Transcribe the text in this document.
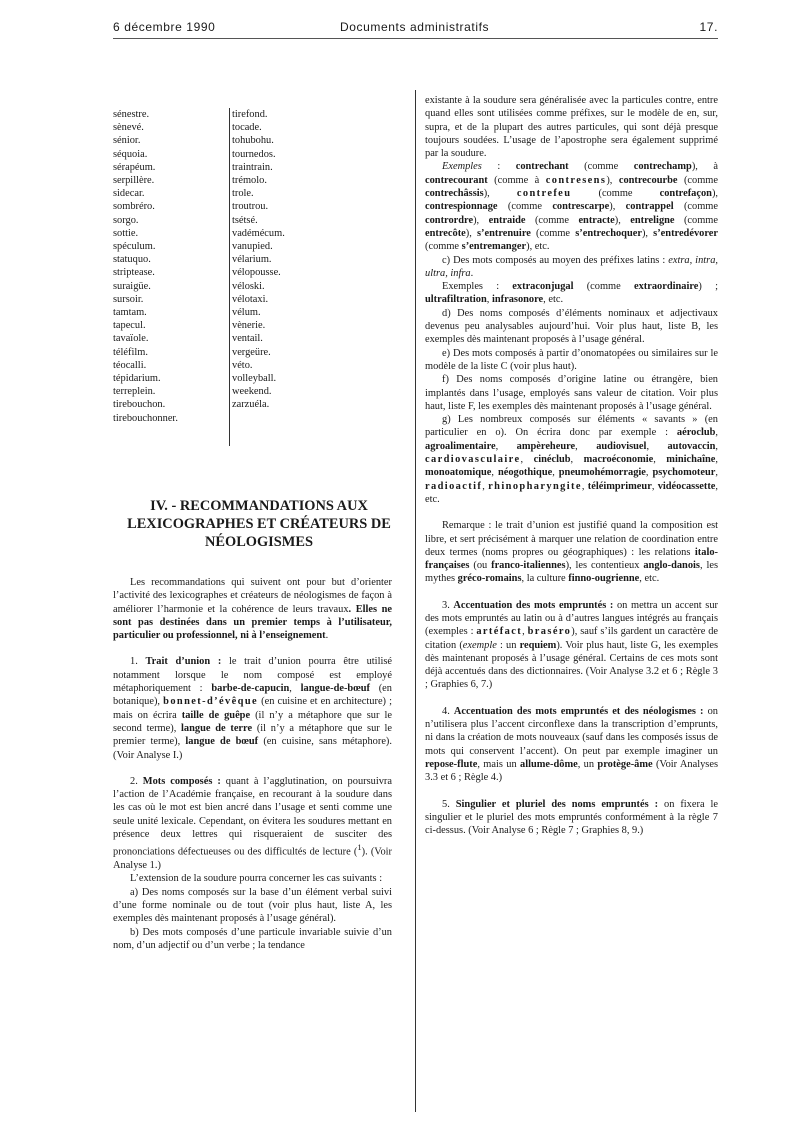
6 décembre 1990	Documents administratifs	17.
sénestre.
sènevé.
sénior.
séquoia.
sérapéum.
serpillère.
sidecar.
sombréro.
sorgo.
sottie.
spéculum.
statuquo.
striptease.
suraigüe.
sursoir.
tamtam.
tapecul.
tavaïole.
téléfilm.
téocalli.
tépidarium.
terreplein.
tirebouchon.
tirebouchonner.
tirefond.
tocade.
tohubohu.
tournedos.
traintrain.
trémolo.
trole.
troutrou.
tsétsé.
vadémécum.
vanupied.
vélarium.
vélopousse.
véloski.
vélotaxi.
vélum.
vènerie.
ventail.
vergeüre.
véto.
volleyball.
weekend.
zarzuéla.
IV. - RECOMMANDATIONS AUX
LEXICOGRAPHES ET CRÉATEURS DE
NÉOLOGISMES

Les recommandations qui suivent ont pour but d’orienter l’activité des lexicographes et créateurs de néologismes de façon à améliorer l’harmonie et la cohérence de leurs travaux. Elles ne sont pas destinées dans un premier temps à l’utilisateur, particulier ou professionnel, ni à l’enseignement.

1. Trait d’union : le trait d’union pourra être utilisé notamment lorsque le nom composé est employé métaphoriquement : barbe-de-capucin, langue-de-bœuf (en botanique), bonnet-d’évêque (en cuisine et en architecture) ; mais on écrira taille de guêpe (il n’y a métaphore que sur le second terme), langue de terre (il n’y a métaphore que sur le premier terme), langue de bœuf (en cuisine, sans métaphore). (Voir Analyse I.)

2. Mots composés : quant à l’agglutination, on poursuivra l’action de l’Académie française, en recourant à la soudure dans les cas où le mot est bien ancré dans l’usage et senti comme une seule unité lexicale. Cependant, on évitera les soudures mettant en présence deux lettres qui risqueraient de susciter des prononciations défectueuses ou des difficultés de lecture ($^1$). (Voir Analyse 1.)

L’extension de la soudure pourra concerner les cas suivants :

a) Des noms composés sur la base d’un élément verbal suivi d’une forme nominale ou de tout (voir plus haut, liste A, les exemples dès maintenant proposés à l’usage général).

b) Des mots composés d’une particule invariable suivie d’un nom, d’un adjectif ou d’un verbe ; la tendance

existante à la soudure sera généralisée avec la particules contre, entre quand elles sont utilisées comme préfixes, sur le modèle de en, sur, supra, et de la plupart des autres particules, qui sont déjà presque toujours soudées. L’usage de l’apostrophe sera également supprimé par la soudure.

Exemples : contrechant (comme contrechamp), à contrecourant (comme à contresens), contrecourbe (comme contrechâssis), contrefeu (comme contrefaçon), contrespionnage (comme contrescarpe), contrappel (comme contrordre), entraide (comme entracte), entreligne (comme entrecôte), s’entrenuire (comme s’entrechoquer), s’entredévorer (comme s’entremanger), etc.

c) Des mots composés au moyen des préfixes latins : extra, intra, ultra, infra.

Exemples : extraconjugal (comme extraordinaire) ; ultrafiltration, infrasonore, etc.

d) Des noms composés d’éléments nominaux et adjectivaux devenus peu analysables aujourd’hui. Voir plus haut, liste B, les exemples dès maintenant proposés à l’usage général.

e) Des mots composés à partir d’onomatopées ou similaires sur le modèle de la liste C (voir plus haut).

f) Des noms composés d’origine latine ou étrangère, bien implantés dans l’usage, employés sans valeur de citation. Voir plus haut, liste F, les exemples dès maintenant proposés à l’usage général.

g) Les nombreux composés sur éléments « savants » (en particulier en o). On écrira donc par exemple : aéroclub, agroalimentaire, ampèreheure, audiovisuel, autovaccin, cardiovasculaire, cinéclub, macroéconomie, minichaîne, monoatomique, néogothique, pneumohémorragie, psychomoteur, radioactif, rhinopharyngite, téléimprimeur, vidéocassette, etc.

Remarque : le trait d’union est justifié quand la composition est libre, et sert précisément à marquer une relation de coordination entre deux termes (noms propres ou géographiques) : les relations italo-françaises (ou franco-italiennes), les contentieux anglo-danois, les mythes gréco-romains, la culture finno-ougrienne, etc.

3. Accentuation des mots empruntés : on mettra un accent sur des mots empruntés au latin ou à d’autres langues intégrés au français (exemples : artéfact, braséro), sauf s’ils gardent un caractère de citation (exemple : un requiem). Voir plus haut, liste G, les exemples dès maintenant proposés à l’usage général. Certains de ces mots sont déjà accentués dans des dictionnaires. (Voir Analyse 3.2 et 6 ; Règle 3 ; Graphies 6, 7.)

4. Accentuation des mots empruntés et des néologismes : on n’utilisera plus l’accent circonflexe dans la transcription d’emprunts, ni dans la création de mots nouveaux (sauf dans les composés issus de mots qui conservent l’accent). On peut par exemple imaginer un repose-flute, mais un allume-dôme, un protège-âme (Voir Analyses 3.3 et 6 ; Règle 4.)

5. Singulier et pluriel des noms empruntés : on fixera le singulier et le pluriel des mots empruntés conformément à la règle 7 ci-dessus. (Voir Analyse 6 ; Règle 7 ; Graphies 8, 9.)
